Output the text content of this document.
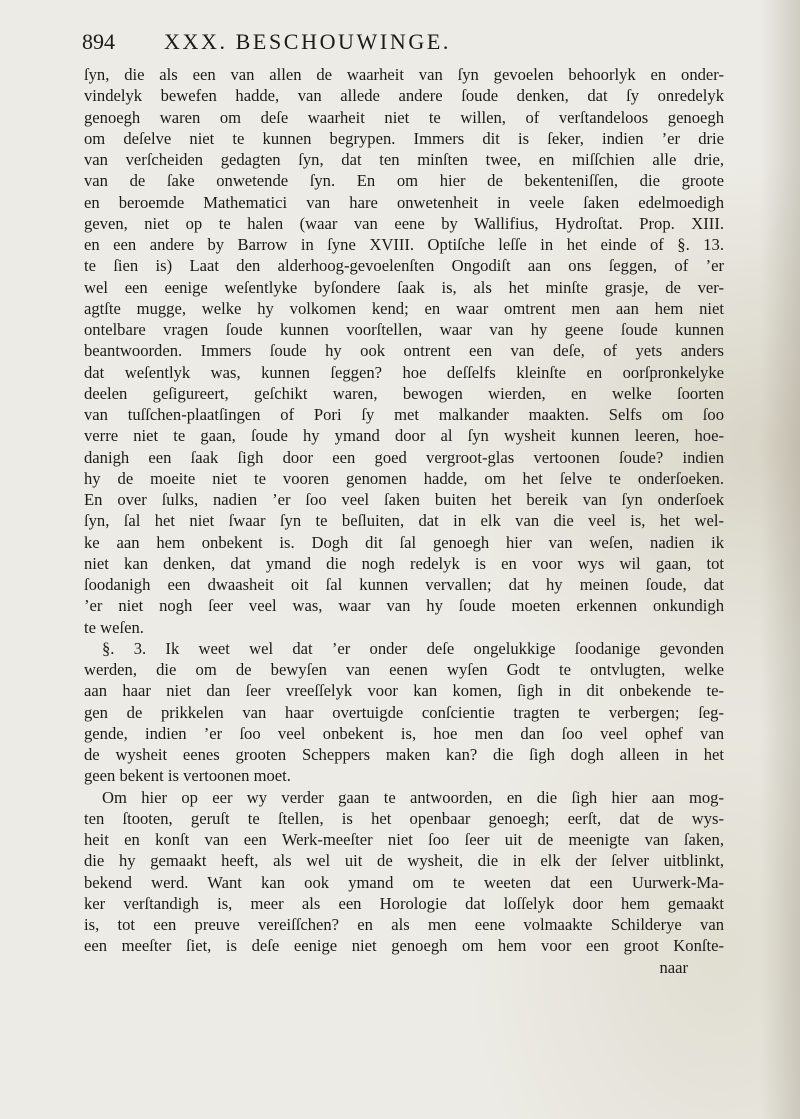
894 XXX. BESCHOUWINGE.
ſyn, die als een van allen de waarheit van ſyn gevoelen behoorlyk en onder-
vindelyk bewefen hadde, van allede andere ſoude denken, dat ſy onredelyk
genoegh waren om deſe waarheit niet te willen, of verſtandeloos genoegh
om deſelve niet te kunnen begrypen. Immers dit is ſeker, indien ’er drie
van verſcheiden gedagten ſyn, dat ten minſten twee, en miſſchien alle drie,
van de ſake onwetende ſyn. En om hier de bekenteniſſen, die groote
en beroemde Mathematici van hare onwetenheit in veele ſaken edelmoedigh
geven, niet op te halen (waar van eene by Wallifius, Hydroſtat. Prop. XIII.
en een andere by Barrow in ſyne XVIII. Optiſche leſſe in het einde of §. 13.
te ſien is) Laat den alderhoog-gevoelenſten Ongodiſt aan ons ſeggen, of ’er
wel een eenige weſentlyke byſondere ſaak is, als het minſte grasje, de ver-
agtſte mugge, welke hy volkomen kend; en waar omtrent men aan hem niet
ontelbare vragen ſoude kunnen voorſtellen, waar van hy geene ſoude kunnen
beantwoorden. Immers ſoude hy ook ontrent een van deſe, of yets anders
dat weſentlyk was, kunnen ſeggen? hoe deſſelfs kleinſte en oorſpronkelyke
deelen geſigureert, geſchikt waren, bewogen wierden, en welke ſoorten
van tuſſchen-plaatſingen of Pori ſy met malkander maakten. Selfs om ſoo
verre niet te gaan, ſoude hy ymand door al ſyn wysheit kunnen leeren, hoe-
danigh een ſaak ſigh door een goed vergroot-glas vertoonen ſoude? indien
hy de moeite niet te vooren genomen hadde, om het ſelve te onderſoeken.
En over ſulks, nadien ’er ſoo veel ſaken buiten het bereik van ſyn onderſoek
ſyn, ſal het niet ſwaar ſyn te beſluiten, dat in elk van die veel is, het wel-
ke aan hem onbekent is. Dogh dit ſal genoegh hier van weſen, nadien ik
niet kan denken, dat ymand die nogh redelyk is en voor wys wil gaan, tot
ſoodanigh een dwaasheit oit ſal kunnen vervallen; dat hy meinen ſoude, dat
’er niet nogh ſeer veel was, waar van hy ſoude moeten erkennen onkundigh
te weſen.
§. 3. Ik weet wel dat ’er onder deſe ongelukkige ſoodanige gevonden
werden, die om de bewyſen van eenen wyſen Godt te ontvlugten, welke
aan haar niet dan ſeer vreeſſelyk voor kan komen, ſigh in dit onbekende te-
gen de prikkelen van haar overtuigde conſcientie tragten te verbergen; ſeg-
gende, indien ’er ſoo veel onbekent is, hoe men dan ſoo veel ophef van
de wysheit eenes grooten Scheppers maken kan? die ſigh dogh alleen in het
geen bekent is vertoonen moet.
Om hier op eer wy verder gaan te antwoorden, en die ſigh hier aan mog-
ten ſtooten, geruſt te ſtellen, is het openbaar genoegh; eerſt, dat de wys-
heit en konſt van een Werk-meeſter niet ſoo ſeer uit de meenigte van ſaken,
die hy gemaakt heeft, als wel uit de wysheit, die in elk der ſelver uitblinkt,
bekend werd. Want kan ook ymand om te weeten dat een Uurwerk-Ma-
ker verſtandigh is, meer als een Horologie dat loſſelyk door hem gemaakt
is, tot een preuve vereiſſchen? en als men eene volmaakte Schilderye van
een meeſter ſiet, is deſe eenige niet genoegh om hem voor een groot Konſte-
naar
